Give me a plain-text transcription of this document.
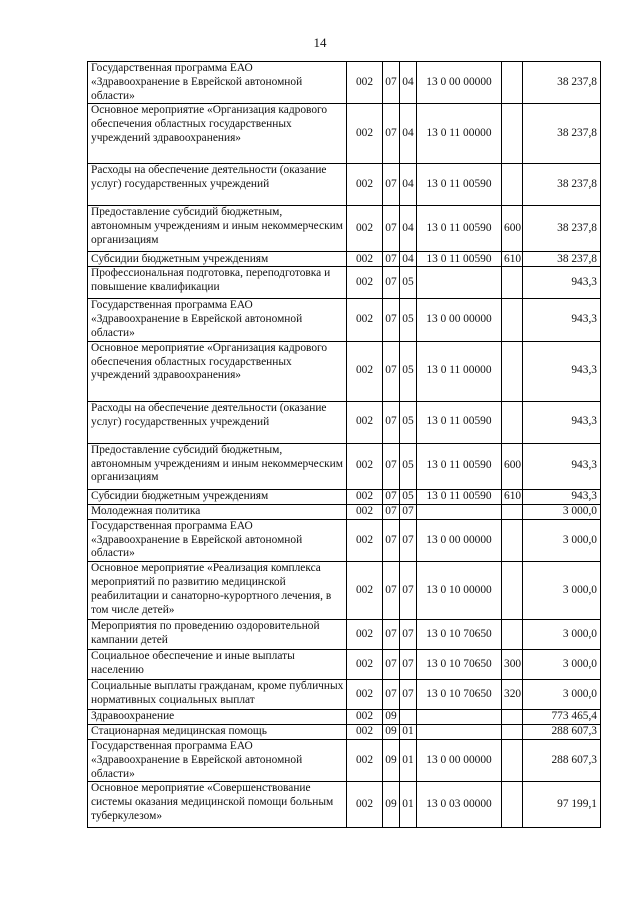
14
Государственная программа ЕАО «Здравоохранение в Еврейской автономной области»	002	07	04	13 0 00 00000		38 237,8
Основное мероприятие «Организация кадрового обеспечения областных государственных учреждений здравоохранения»	002	07	04	13 0 11 00000		38 237,8
Расходы на обеспечение деятельности (оказание услуг) государственных учреждений	002	07	04	13 0 11 00590		38 237,8
Предоставление субсидий бюджетным, автономным учреждениям и иным некоммерческим организациям	002	07	04	13 0 11 00590	600	38 237,8
Субсидии бюджетным учреждениям	002	07	04	13 0 11 00590	610	38 237,8
Профессиональная подготовка, переподготовка и повышение квалификации	002	07	05			943,3
Государственная программа ЕАО «Здравоохранение в Еврейской автономной области»	002	07	05	13 0 00 00000		943,3
Основное мероприятие «Организация кадрового обеспечения областных государственных учреждений здравоохранения»	002	07	05	13 0 11 00000		943,3
Расходы на обеспечение деятельности (оказание услуг) государственных учреждений	002	07	05	13 0 11 00590		943,3
Предоставление субсидий бюджетным, автономным учреждениям и иным некоммерческим организациям	002	07	05	13 0 11 00590	600	943,3
Субсидии бюджетным учреждениям	002	07	05	13 0 11 00590	610	943,3
Молодежная политика	002	07	07			3 000,0
Государственная программа ЕАО «Здравоохранение в Еврейской автономной области»	002	07	07	13 0 00 00000		3 000,0
Основное мероприятие «Реализация комплекса мероприятий по развитию медицинской реабилитации и санаторно-курортного лечения, в том числе детей»	002	07	07	13 0 10 00000		3 000,0
Мероприятия по проведению оздоровительной кампании детей	002	07	07	13 0 10 70650		3 000,0
Социальное обеспечение и иные выплаты населению	002	07	07	13 0 10 70650	300	3 000,0
Социальные выплаты гражданам, кроме публичных нормативных социальных выплат	002	07	07	13 0 10 70650	320	3 000,0
Здравоохранение	002	09				773 465,4
Стационарная медицинская помощь	002	09	01			288 607,3
Государственная программа ЕАО «Здравоохранение в Еврейской автономной области»	002	09	01	13 0 00 00000		288 607,3
Основное мероприятие «Совершенствование системы оказания медицинской помощи больным туберкулезом»	002	09	01	13 0 03 00000		97 199,1
